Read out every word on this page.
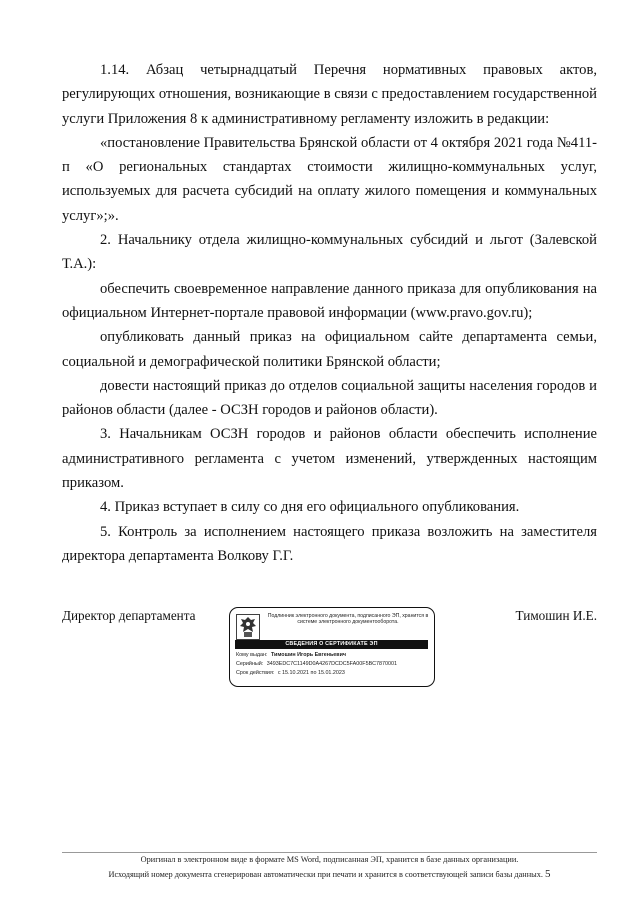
1.14. Абзац четырнадцатый Перечня нормативных правовых актов, регулирующих отношения, возникающие в связи с предоставлением государственной услуги Приложения 8 к административному регламенту изложить в редакции:

«постановление Правительства Брянской области от 4 октября 2021 года №411-п «О региональных стандартах стоимости жилищно-коммунальных услуг, используемых для расчета субсидий на оплату жилого помещения и коммунальных услуг»;».

2. Начальнику отдела жилищно-коммунальных субсидий и льгот (Залевской Т.А.):

обеспечить своевременное направление данного приказа для опубликования на официальном Интернет-портале правовой информации (www.pravo.gov.ru);

опубликовать данный приказ на официальном сайте департамента семьи, социальной и демографической политики Брянской области;

довести настоящий приказ до отделов социальной защиты населения городов и районов области (далее - ОСЗН городов и районов области).

3. Начальникам ОСЗН городов и районов области обеспечить исполнение административного регламента с учетом изменений, утвержденных настоящим приказом.

4. Приказ вступает в силу со дня его официального опубликования.

5. Контроль за исполнением настоящего приказа возложить на заместителя директора департамента Волкову Г.Г.

Директор департамента	Тимошин И.Е.
Подлинник электронного документа, подписанного ЭП, хранится в системе электронного документооборота.
СВЕДЕНИЯ О СЕРТИФИКАТЕ ЭП
Кому выдан: Тимошин Игорь Евгеньевич
Серийный: 3493EDC7C1149D0A4267DCDC5FA00F5BC7870001
Срок действия: с 15.10.2021 по 15.01.2023
Оригинал в электронном виде в формате MS Word, подписанная ЭП, хранится в базе данных организации.
Исходящий номер документа сгенерирован автоматически при печати и хранится в соответствующей записи базы данных. 5
